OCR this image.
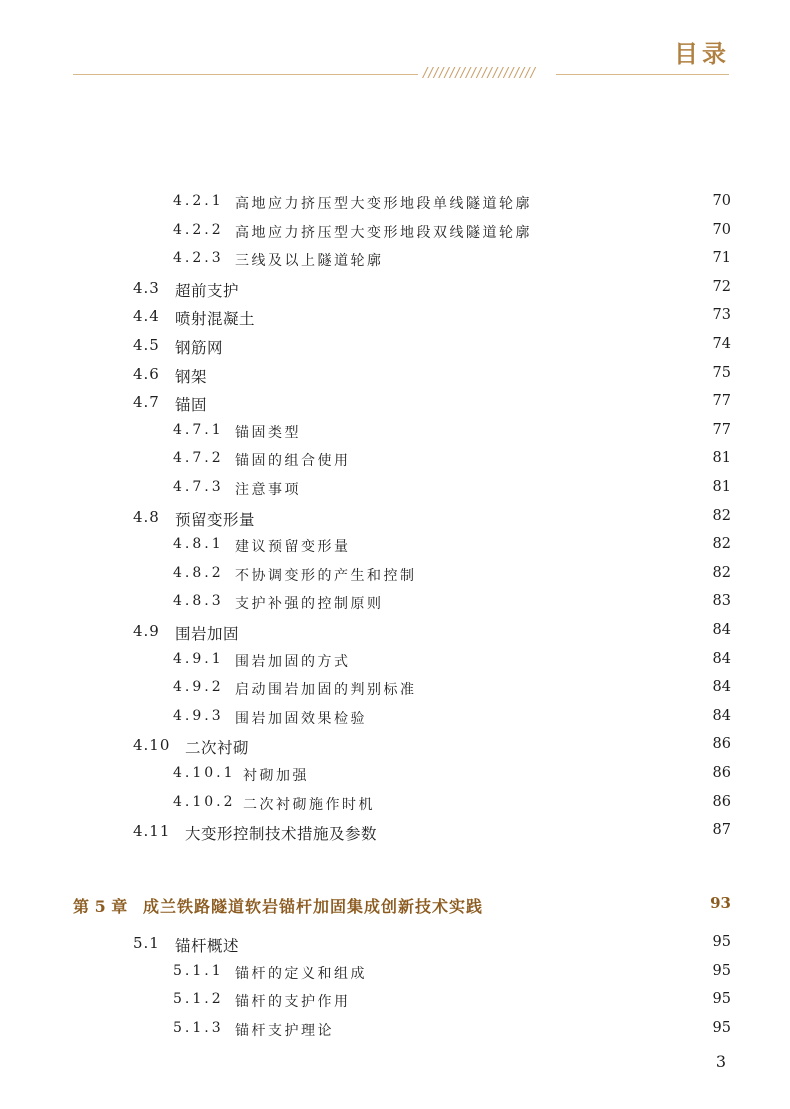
目录
/////////////////////
4.2.1 高地应力挤压型大变形地段单线隧道轮廓	70
4.2.2 高地应力挤压型大变形地段双线隧道轮廓	70
4.2.3 三线及以上隧道轮廓	71
4.3 超前支护	72
4.4 喷射混凝土	73
4.5 钢筋网	74
4.6 钢架	75
4.7 锚固	77
4.7.1 锚固类型	77
4.7.2 锚固的组合使用	81
4.7.3 注意事项	81
4.8 预留变形量	82
4.8.1 建议预留变形量	82
4.8.2 不协调变形的产生和控制	82
4.8.3 支护补强的控制原则	83
4.9 围岩加固	84
4.9.1 围岩加固的方式	84
4.9.2 启动围岩加固的判别标准	84
4.9.3 围岩加固效果检验	84
4.10 二次衬砌	86
4.10.1 衬砌加强	86
4.10.2 二次衬砌施作时机	86
4.11 大变形控制技术措施及参数	87
第 5 章 成兰铁路隧道软岩锚杆加固集成创新技术实践	93
5.1 锚杆概述	95
5.1.1 锚杆的定义和组成	95
5.1.2 锚杆的支护作用	95
5.1.3 锚杆支护理论	95
3
